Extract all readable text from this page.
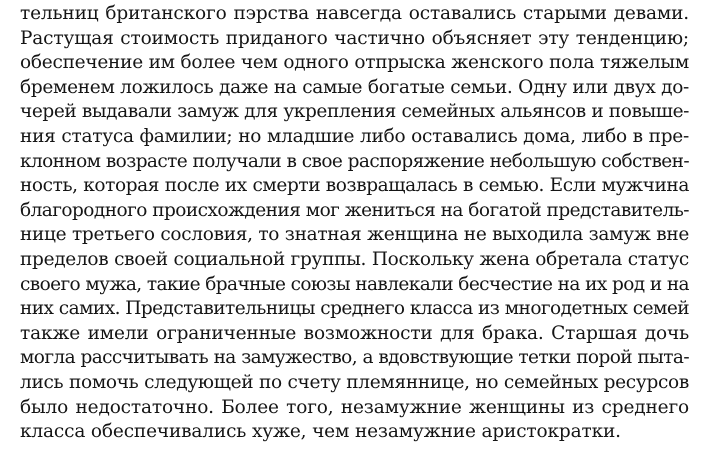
тельниц британского пэрства навсегда оставались старыми девами.
Растущая стоимость приданого частично объясняет эту тенденцию;
обеспечение им более чем одного отпрыска женского пола тяжелым
бременем ложилось даже на самые богатые семьи. Одну или двух до-
черей выдавали замуж для укрепления семейных альянсов и повыше-
ния статуса фамилии; но младшие либо оставались дома, либо в пре-
клонном возрасте получали в свое распоряжение небольшую собствен-
ность, которая после их смерти возвращалась в семью. Если мужчина
благородного происхождения мог жениться на богатой представитель-
нице третьего сословия, то знатная женщина не выходила замуж вне
пределов своей социальной группы. Поскольку жена обретала статус
своего мужа, такие брачные союзы навлекали бесчестие на их род и на
них самих. Представительницы среднего класса из многодетных семей
также имели ограниченные возможности для брака. Старшая дочь
могла рассчитывать на замужество, а вдовствующие тетки порой пыта-
лись помочь следующей по счету племяннице, но семейных ресурсов
было недостаточно. Более того, незамужние женщины из среднего
класса обеспечивались хуже, чем незамужние аристократки.
